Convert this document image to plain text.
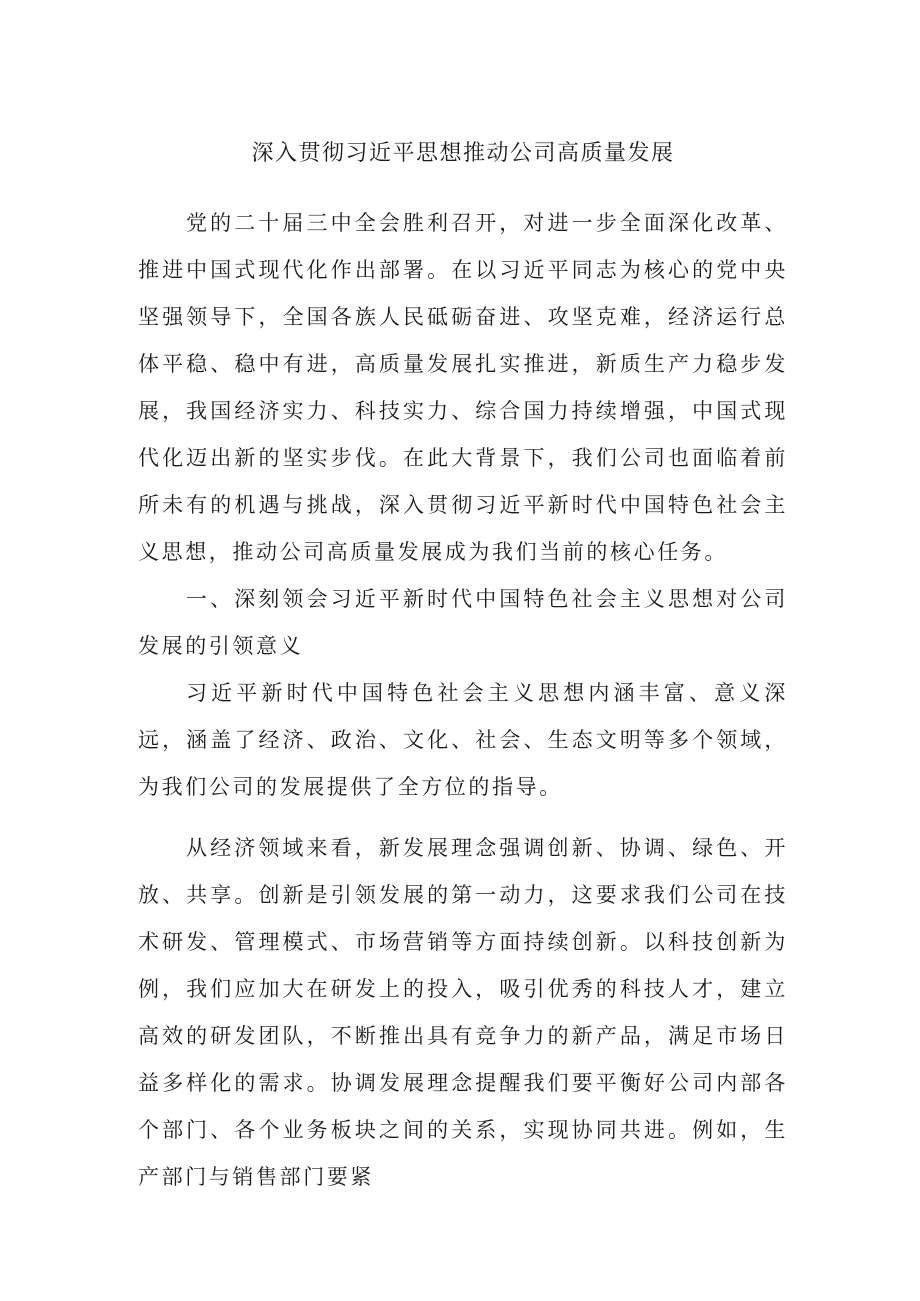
深入贯彻习近平思想推动公司高质量发展

党的二十届三中全会胜利召开，对进一步全面深化改革、推进中国式现代化作出部署。在以习近平同志为核心的党中央坚强领导下，全国各族人民砥砺奋进、攻坚克难，经济运行总体平稳、稳中有进，高质量发展扎实推进，新质生产力稳步发展，我国经济实力、科技实力、综合国力持续增强，中国式现代化迈出新的坚实步伐。在此大背景下，我们公司也面临着前所未有的机遇与挑战，深入贯彻习近平新时代中国特色社会主义思想，推动公司高质量发展成为我们当前的核心任务。

一、深刻领会习近平新时代中国特色社会主义思想对公司发展的引领意义

习近平新时代中国特色社会主义思想内涵丰富、意义深远，涵盖了经济、政治、文化、社会、生态文明等多个领域，为我们公司的发展提供了全方位的指导。

从经济领域来看，新发展理念强调创新、协调、绿色、开放、共享。创新是引领发展的第一动力，这要求我们公司在技术研发、管理模式、市场营销等方面持续创新。以科技创新为例，我们应加大在研发上的投入，吸引优秀的科技人才，建立高效的研发团队，不断推出具有竞争力的新产品，满足市场日益多样化的需求。协调发展理念提醒我们要平衡好公司内部各个部门、各个业务板块之间的关系，实现协同共进。例如，生产部门与销售部门要紧
